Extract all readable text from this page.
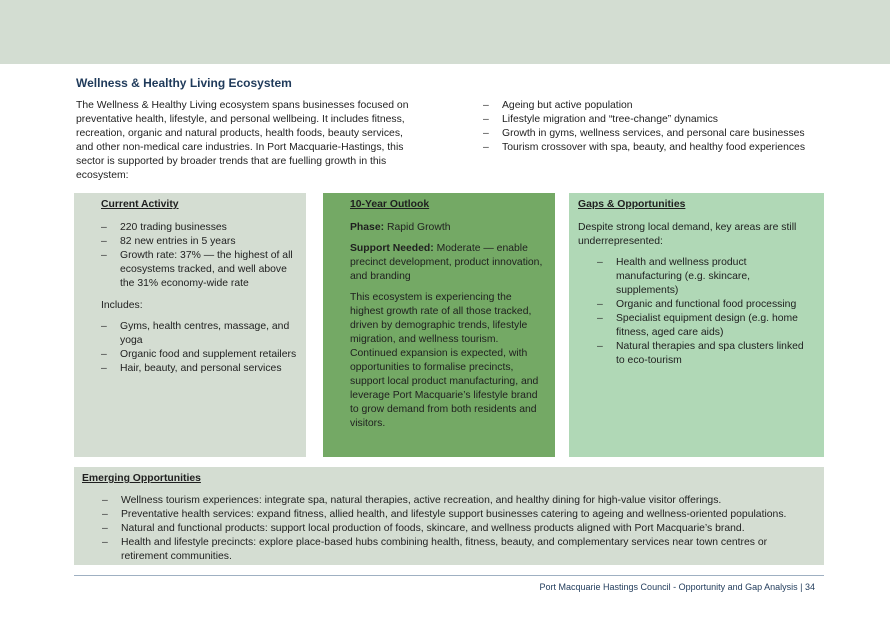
Wellness & Healthy Living Ecosystem

The Wellness & Healthy Living ecosystem spans businesses focused on preventative health, lifestyle, and personal wellbeing. It includes fitness, recreation, organic and natural products, health foods, beauty services, and other non-medical care industries. In Port Macquarie-Hastings, this sector is supported by broader trends that are fuelling growth in this ecosystem:

– Ageing but active population
– Lifestyle migration and “tree-change” dynamics
– Growth in gyms, wellness services, and personal care businesses
– Tourism crossover with spa, beauty, and healthy food experiences
Current Activity
– 220 trading businesses
– 82 new entries in 5 years
– Growth rate: 37% — the highest of all ecosystems tracked, and well above the 31% economy-wide rate

Includes:

– Gyms, health centres, massage, and yoga
– Organic food and supplement retailers
– Hair, beauty, and personal services
10-Year Outlook

Phase: Rapid Growth

Support Needed: Moderate — enable precinct development, product innovation, and branding

This ecosystem is experiencing the highest growth rate of all those tracked, driven by demographic trends, lifestyle migration, and wellness tourism. Continued expansion is expected, with opportunities to formalise precincts, support local product manufacturing, and leverage Port Macquarie’s lifestyle brand to grow demand from both residents and visitors.

Gaps & Opportunities

Despite strong local demand, key areas are still underrepresented:

– Health and wellness product manufacturing (e.g. skincare, supplements)
– Organic and functional food processing
– Specialist equipment design (e.g. home fitness, aged care aids)
– Natural therapies and spa clusters linked to eco-tourism
Emerging Opportunities
– Wellness tourism experiences: integrate spa, natural therapies, active recreation, and healthy dining for high-value visitor offerings.
– Preventative health services: expand fitness, allied health, and lifestyle support businesses catering to ageing and wellness-oriented populations.
– Natural and functional products: support local production of foods, skincare, and wellness products aligned with Port Macquarie’s brand.
– Health and lifestyle precincts: explore place-based hubs combining health, fitness, beauty, and complementary services near town centres or retirement communities.
Port Macquarie Hastings Council - Opportunity and Gap Analysis | 34
